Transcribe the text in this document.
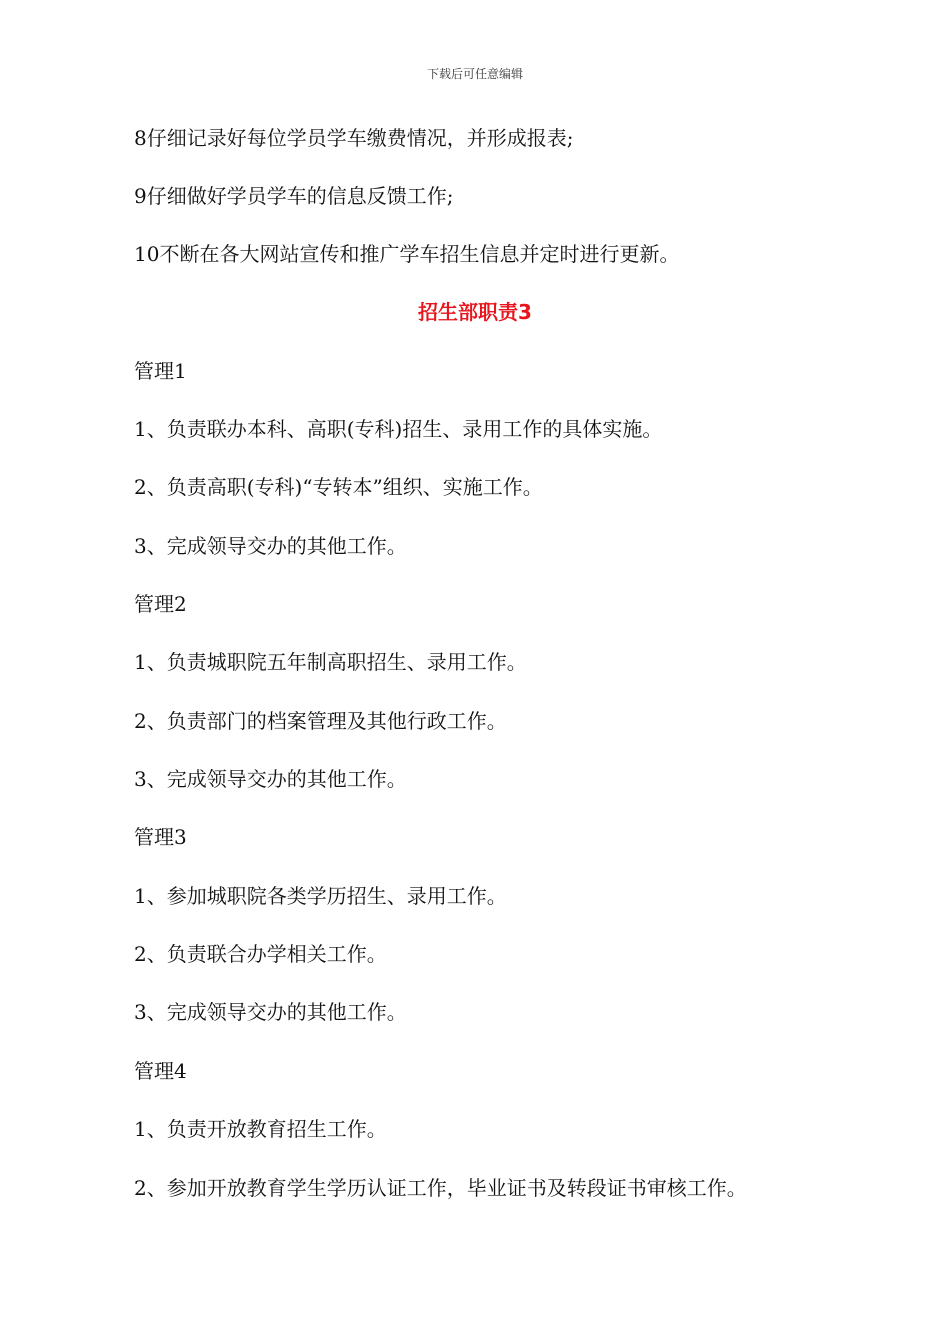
下载后可任意编辑
8仔细记录好每位学员学车缴费情况，并形成报表;
9仔细做好学员学车的信息反馈工作;
10不断在各大网站宣传和推广学车招生信息并定时进行更新。
招生部职责3
管理1
1、负责联办本科、高职(专科)招生、录用工作的具体实施。
2、负责高职(专科)“专转本”组织、实施工作。
3、完成领导交办的其他工作。
管理2
1、负责城职院五年制高职招生、录用工作。
2、负责部门的档案管理及其他行政工作。
3、完成领导交办的其他工作。
管理3
1、参加城职院各类学历招生、录用工作。
2、负责联合办学相关工作。
3、完成领导交办的其他工作。
管理4
1、负责开放教育招生工作。
2、参加开放教育学生学历认证工作，毕业证书及转段证书审核工作。
